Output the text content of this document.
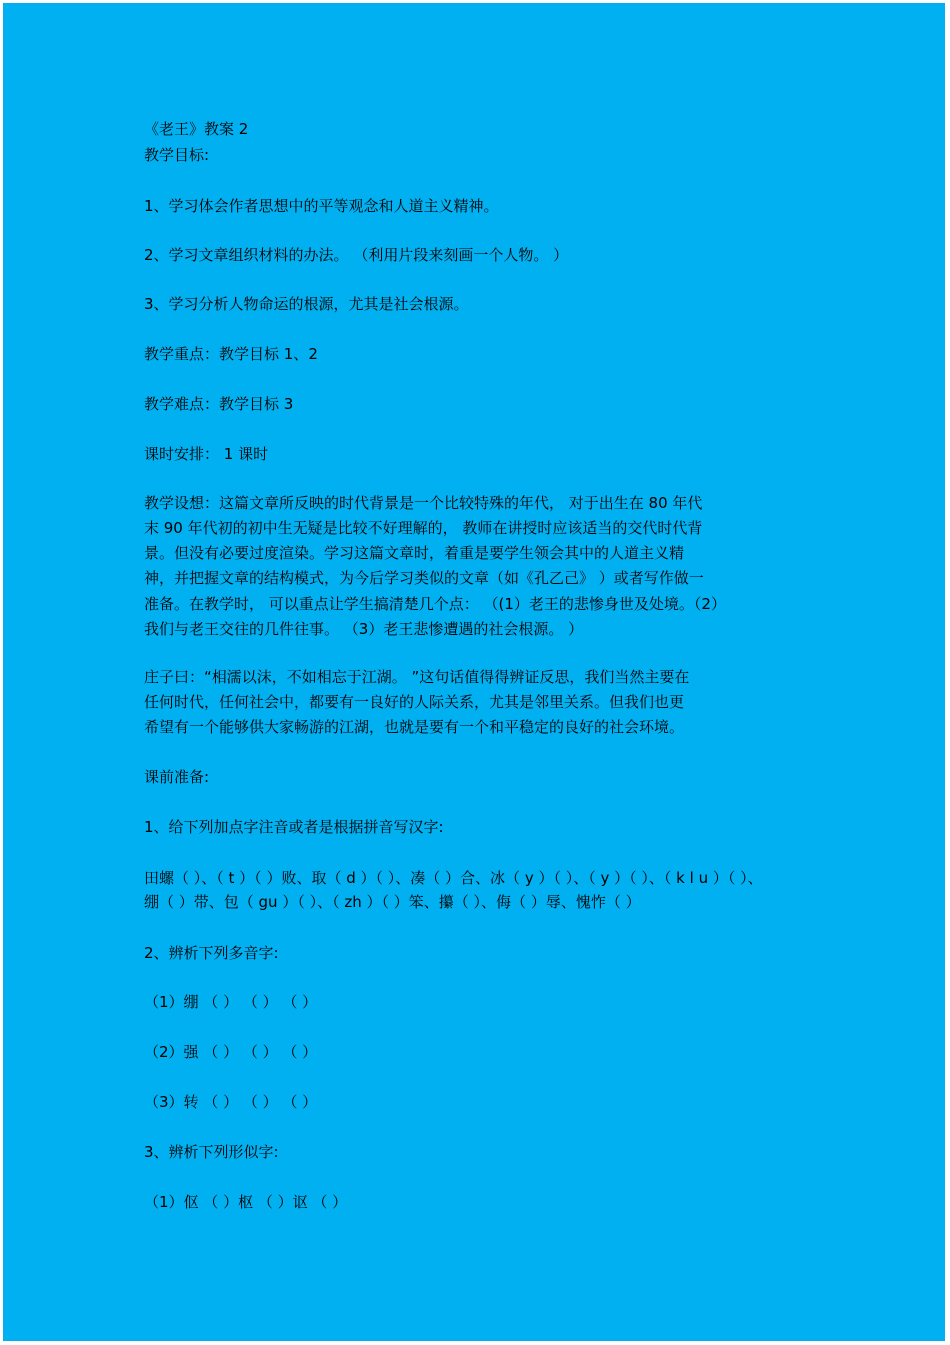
《老王》教案 2
教学目标:
1、学习体会作者思想中的平等观念和人道主义精神。
2、学习文章组织材料的办法。 （利用片段来刻画一个人物。 ）
3、学习分析人物命运的根源，尤其是社会根源。
教学重点：教学目标 1、2
教学难点：教学目标 3
课时安排： 1 课时
教学设想：这篇文章所反映的时代背景是一个比较特殊的年代， 对于出生在 80 年代
末 90 年代初的初中生无疑是比较不好理解的， 教师在讲授时应该适当的交代时代背
景。但没有必要过度渲染。学习这篇文章时，着重是要学生领会其中的人道主义精
神，并把握文章的结构模式，为今后学习类似的文章（如《孔乙己》 ）或者写作做一
准备。在教学时， 可以重点让学生搞清楚几个点： （(1）老王的悲惨身世及处境。（2）
我们与老王交往的几件往事。 （3）老王悲惨遭遇的社会根源。 ）
庄子曰：“相濡以沫，不如相忘于江湖。 ”这句话值得得辨证反思，我们当然主要在
任何时代，任何社会中，都要有一良好的人际关系，尤其是邻里关系。但我们也更
希望有一个能够供大家畅游的江湖，也就是要有一个和平稳定的良好的社会环境。
课前准备:
1、给下列加点字注音或者是根据拼音写汉字:
田螺（ ）、（ t ）（ ）败、取（ d ）（ ）、凑（ ）合、冰（ y ）（ ）、（ y ）（ ）、（ k l u ）（ ）、
绷（ ）带、包（ gu ）（ ）、（ zh ）（ ）笨、攥（ ）、侮（ ）辱、愧怍（ ）
2、辨析下列多音字:
（1）绷 （ ） （ ） （ ）
（2）强 （ ） （ ） （ ）
（3）转 （ ） （ ） （ ）
3、辨析下列形似字:
（1）伛 （ ）枢 （ ）讴 （ ）
